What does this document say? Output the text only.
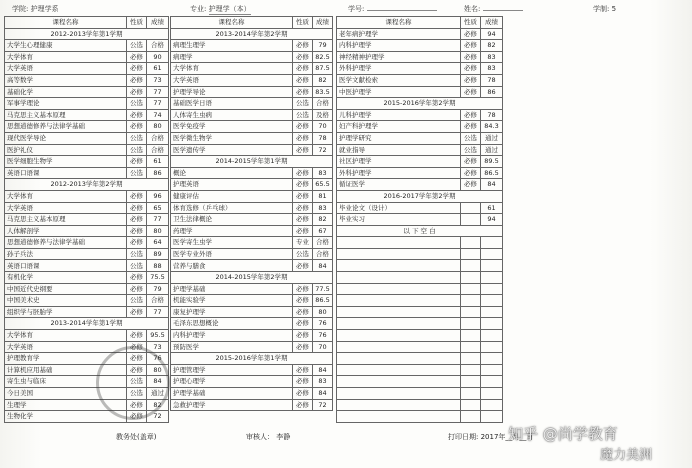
学院: 护理学系	专业: 护理学（本）	学号:	姓名:	学制: 5
课程名称	性质	成绩
2012-2013学年第1学期		
大学生心理健康	公选	合格
大学体育	必修	90
大学英语	必修	61
高等数学	必修	73
基础化学	必修	77
军事学理论	公选	77
马克思主义基本原理	必修	74
思想道德修养与法律学基础	必修	80
现代医学导论	公选	合格
医护礼仪	公选	合格
医学细胞生物学	必修	61
英语口语课	公选	86
2012-2013学年第2学期		
大学体育	必修	96
大学英语	必修	65
马克思主义基本原理	必修	77
人体解剖学	必修	80
思想道德修养与法律学基础	必修	64
孙子兵法	公选	89
英语口语课	公选	88
有机化学	必修	75.5
中国近代史纲要	必修	79
中国美术史	公选	合格
组织学与胚胎学	必修	77
2013-2014学年第1学期		
大学体育	必修	95.5
大学英语	必修	73
护理教育学	必修	76
计算机应用基础	必修	80
寄生虫与临床	公选	84
今日美国	公选	通过
生理学	必修	82
生物化学	必修	72
课程名称	性质	成绩
2013-2014学年第2学期		
病理生理学	必修	79
病理学	必修	82.5
大学体育	必修	87.5
大学英语	必修	82
护理学导论	必修	83.5
基础医学日语	公选	合格
人体寄生虫病	公选	及格
医学免疫学	必修	70
医学微生物学	必修	78
医学遗传学	必修	72
2014-2015学年第1学期		
概论	必修	83
护理英语	必修	65.5
健康评估	必修	81
体育选修（乒乓球）	必修	83
卫生法律概论	必修	82
药理学	必修	67
医学寄生虫学	专业	合格
医学专业外语	公选	合格
营养与膳食	必修	84
2014-2015学年第2学期		
护理学基础	必修	77.5
机能实验学	必修	86.5
康复护理学	必修	80
毛泽东思想概论	必修	76
内科护理学	必修	76
预防医学	必修	70
2015-2016学年第1学期		
护理管理学	必修	84
护理心理学	必修	83
护理学基础	必修	84
急救护理学	必修	72
课程名称	性质	成绩
老年病护理学	必修	94
内科护理学	必修	82
神经精神护理学	必修	83
外科护理学	必修	83
医学文献检索	必修	78
中医护理学	必修	86
2015-2016学年第2学期		
儿科护理学	必修	78
妇产科护理学	必修	84.3
护理学研究	公选	通过
就业指导	公选	通过
社区护理学	必修	89.5
外科护理学	必修	86.5
循证医学	必修	84
2016-2017学年第2学期		
毕业论文（设计）		61
毕业实习		94
以 下 空 白		

教务处(盖章)	审核人： 李静	打印日期: 2017年__月__日
知乎 @尚学教育
魔力美洲
